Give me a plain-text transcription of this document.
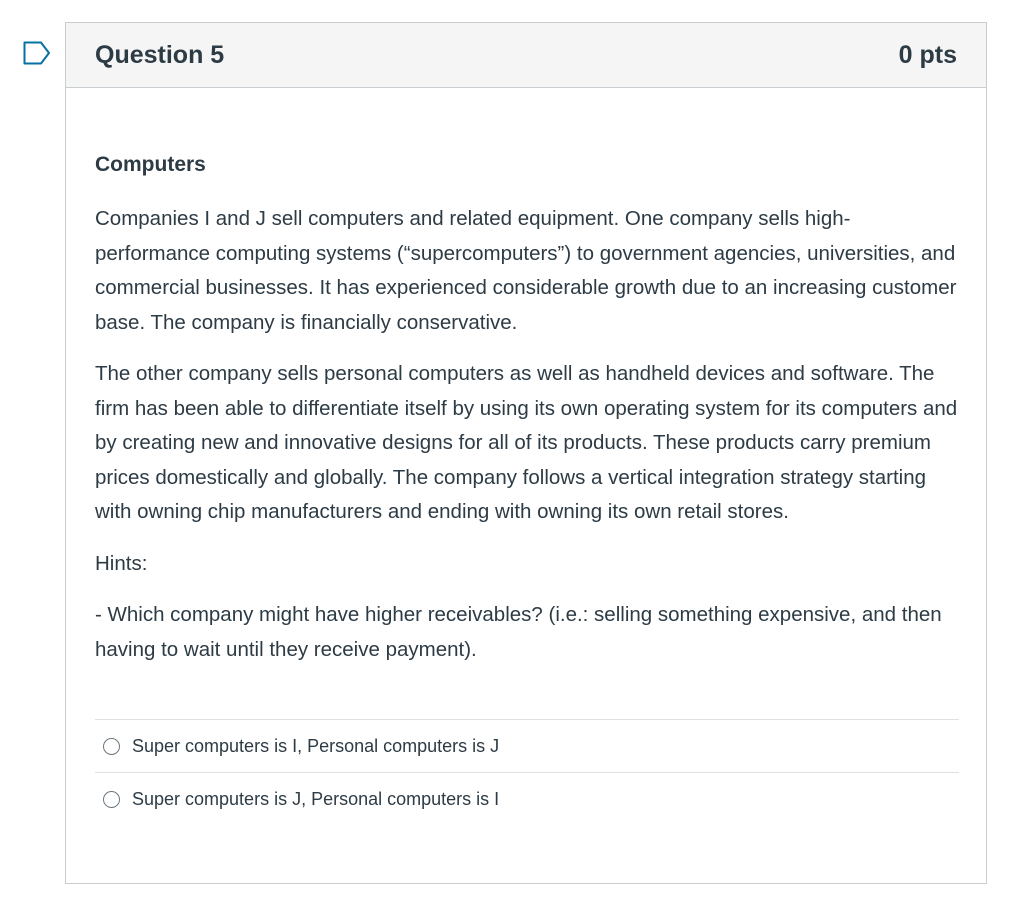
Question 5	0 pts

Computers

Companies I and J sell computers and related equipment. One company sells high-performance computing systems (“supercomputers”) to government agencies, universities, and commercial businesses. It has experienced considerable growth due to an increasing customer base. The company is financially conservative.

The other company sells personal computers as well as handheld devices and software. The firm has been able to differentiate itself by using its own operating system for its computers and by creating new and innovative designs for all of its products. These products carry premium prices domestically and globally. The company follows a vertical integration strategy starting with owning chip manufacturers and ending with owning its own retail stores.

Hints:

- Which company might have higher receivables? (i.e.: selling something expensive, and then having to wait until they receive payment).

Super computers is I, Personal computers is J
Super computers is J, Personal computers is I
